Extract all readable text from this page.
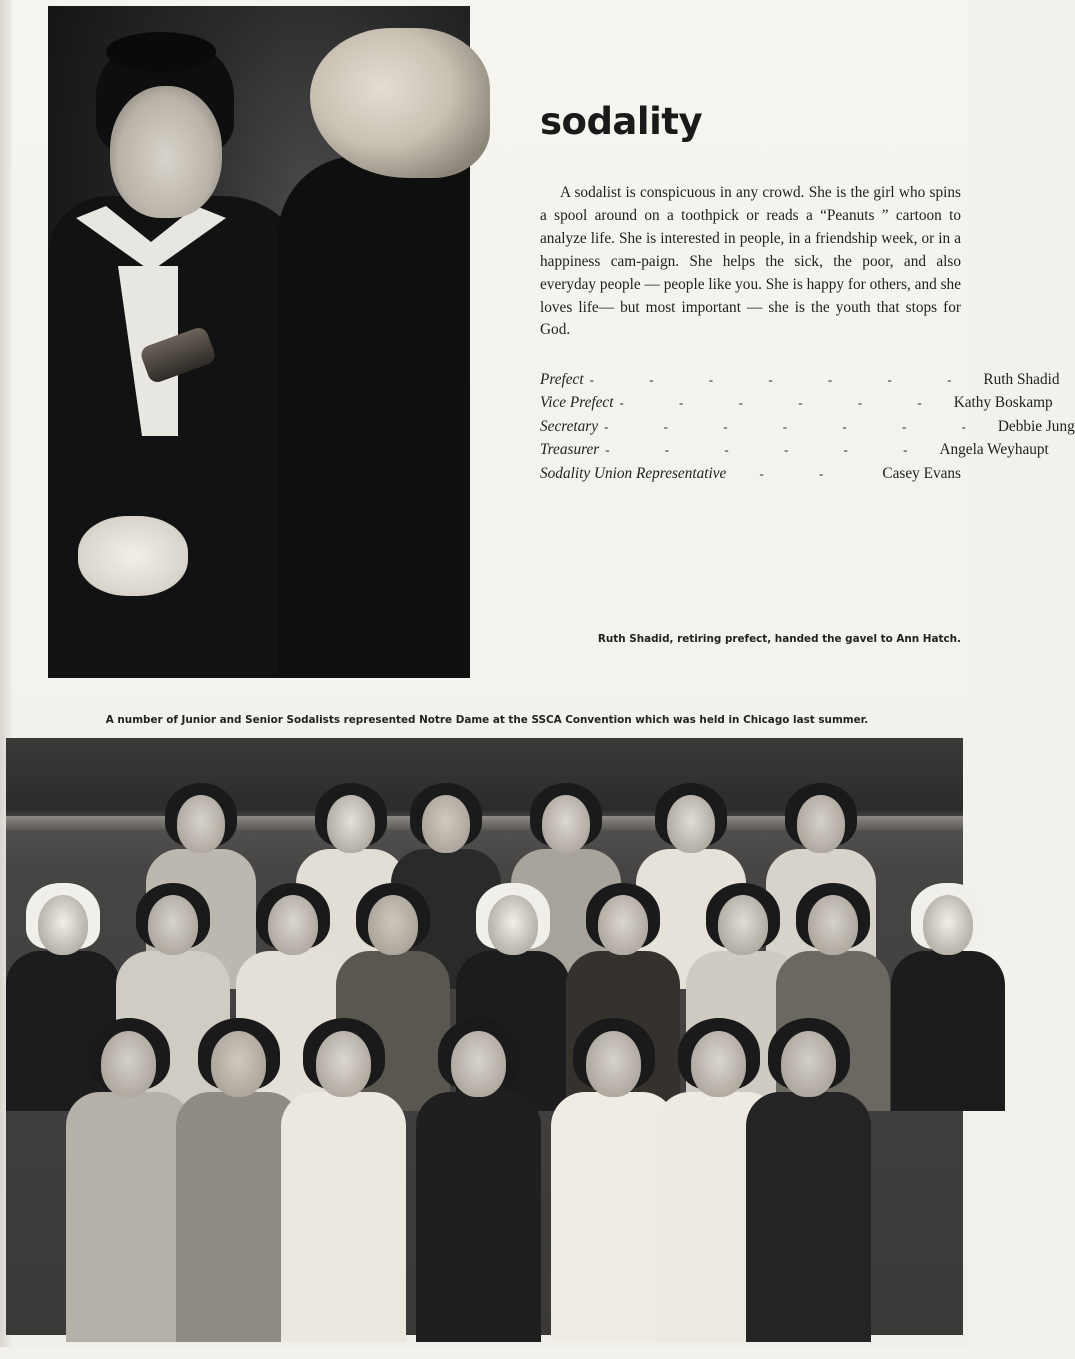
sodality

A sodalist is conspicuous in any crowd. She is the girl who spins a spool around on a toothpick or reads a “Peanuts ” cartoon to analyze life. She is interested in people, in a friendship week, or in a happiness cam-paign. She helps the sick, the poor, and also everyday people — people like you. She is happy for others, and she loves life— but most important — she is the youth that stops for God.

Prefect - - - - - - - Ruth Shadid
Vice Prefect - - - - - - Kathy Boskamp
Secretary - - - - - - - Debbie Jung
Treasurer - - - - - - Angela Weyhaupt
Sodality Union Representative	- -	Casey Evans

Ruth Shadid, retiring prefect, handed the gavel to Ann Hatch.

A number of Junior and Senior Sodalists represented Notre Dame at the SSCA Convention which was held in Chicago last summer.
